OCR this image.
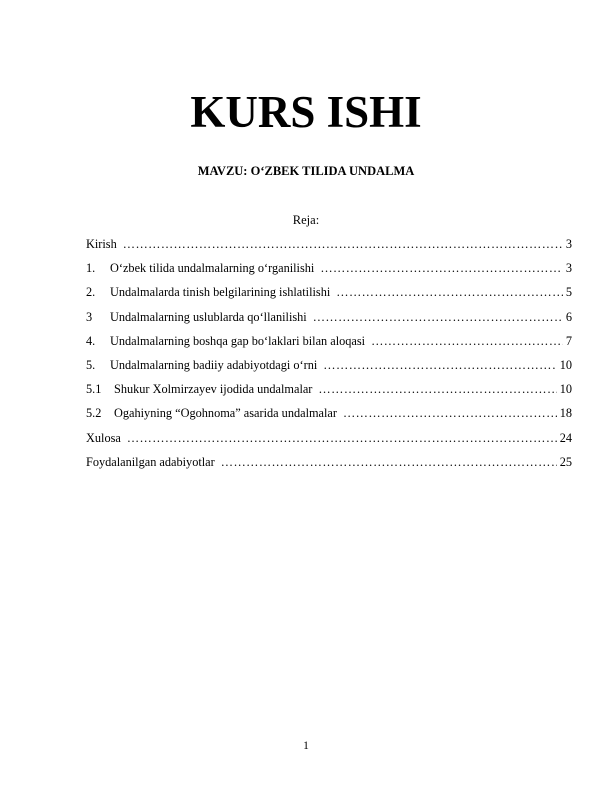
KURS ISHI
MAVZU: O‘ZBEK TILIDA UNDALMA
Reja:
Kirish ………………………………………………………………………………………………………………………………………………………………	3
1.	O‘zbek tilida undalmalarning o‘rganilishi ………………………………………………………………………………………………………………………………………………………………	3
2.	Undalmalarda tinish belgilarining ishlatilishi ………………………………………………………………………………………………………………………………………………………………	5
3	Undalmalarning uslublarda qo‘llanilishi ………………………………………………………………………………………………………………………………………………………………	6
4.	Undalmalarning boshqa gap bo‘laklari bilan aloqasi ………………………………………………………………………………………………………………………………………………………………	7
5.	Undalmalarning badiiy adabiyotdagi o‘rni ………………………………………………………………………………………………………………………………………………………………	10
5.1	Shukur Xolmirzayev ijodida undalmalar ………………………………………………………………………………………………………………………………………………………………	10
5.2	Ogahiyning “Ogohnoma” asarida undalmalar ………………………………………………………………………………………………………………………………………………………………	18
Xulosa ………………………………………………………………………………………………………………………………………………………………	24
Foydalanilgan adabiyotlar ………………………………………………………………………………………………………………………………………………………………	25
1
